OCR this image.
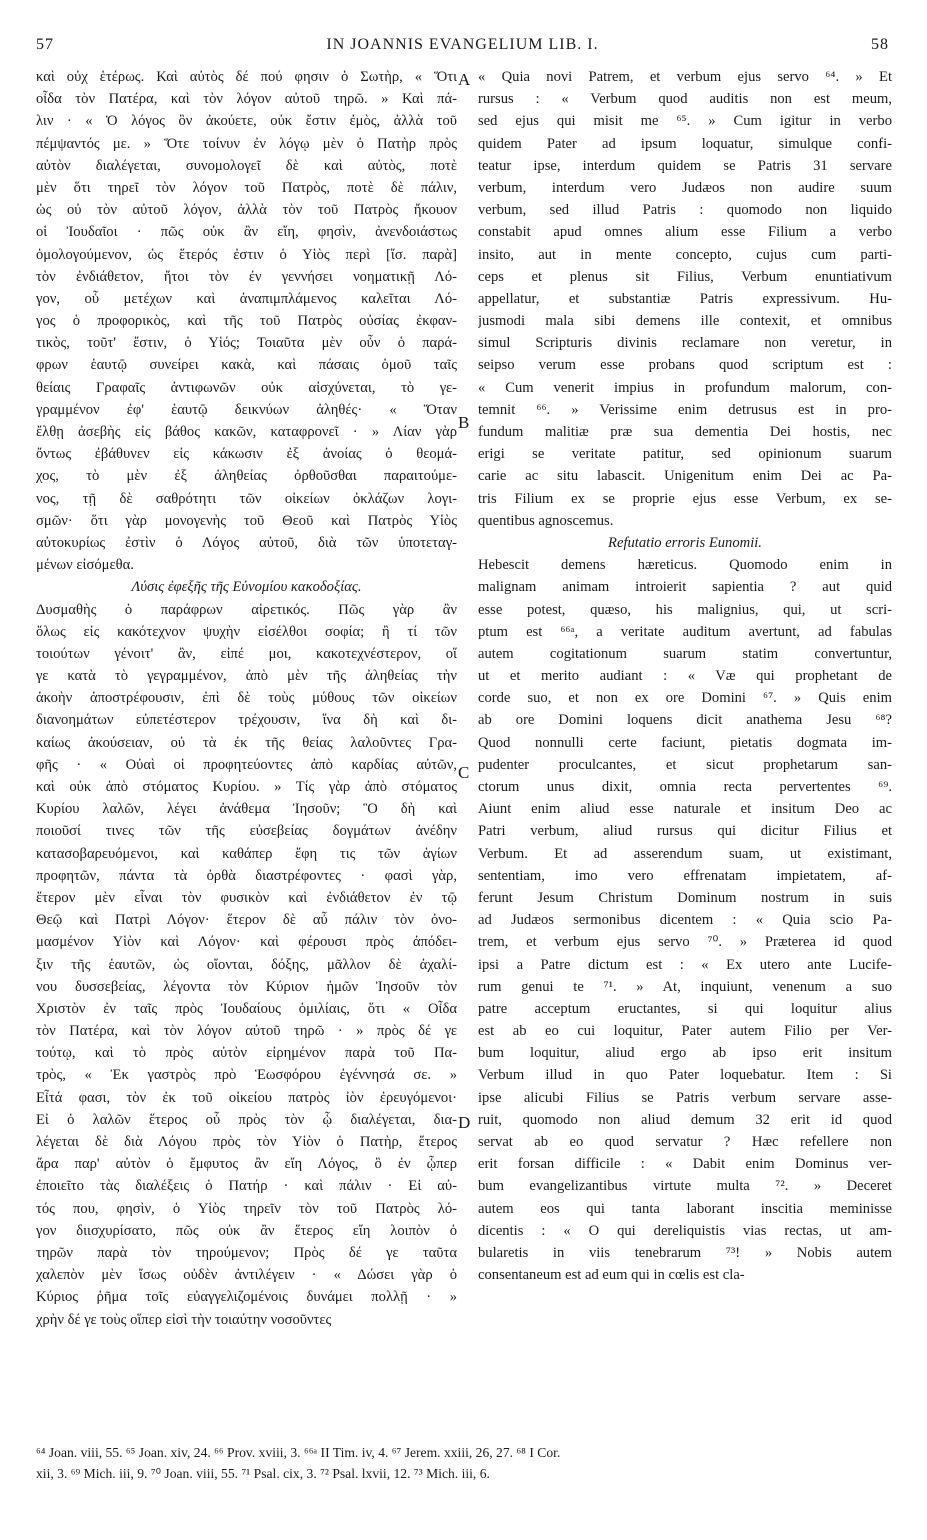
57	IN JOANNIS EVANGELIUM LIB. I.	58
καὶ οὐχ ἑτέρως. Καὶ αὐτὸς δέ πού φησιν ὁ Σωτὴρ, « Ὅτι
οἶδα τὸν Πατέρα, καὶ τὸν λόγον αὐτοῦ τηρῶ. » Καὶ πά-
λιν · « Ὁ λόγος ὃν ἀκούετε, οὐκ ἔστιν ἐμὸς, ἀλλὰ τοῦ
πέμψαντός με. » Ὅτε τοίνυν ἐν λόγῳ μὲν ὁ Πατὴρ πρὸς
αὐτὸν διαλέγεται, συνομολογεῖ δὲ καὶ αὐτὸς, ποτὲ
μὲν ὅτι τηρεῖ τὸν λόγον τοῦ Πατρὸς, ποτὲ δὲ πάλιν,
ὡς οὐ τὸν αὐτοῦ λόγον, ἀλλὰ τὸν τοῦ Πατρὸς ἤκουον
οἱ Ἰουδαῖοι · πῶς οὐκ ἂν εἴη, φησὶν, ἀνενδοιάστως
ὁμολογούμενον, ὡς ἕτερός ἐστιν ὁ Υἱὸς περὶ [ἴσ. παρὰ]
τὸν ἐνδιάθετον, ἤτοι τὸν ἐν γεννήσει νοηματικῇ Λό-
γον, οὗ μετέχων καὶ ἀναπιμπλάμενος καλεῖται Λό-
γος ὁ προφορικὸς, καὶ τῆς τοῦ Πατρὸς οὐσίας ἐκφαν-
τικὸς, τοῦτ' ἔστιν, ὁ Υἱός; Τοιαῦτα μὲν οὖν ὁ παρά-
φρων ἑαυτῷ συνείρει κακὰ, καὶ πάσαις ὁμοῦ ταῖς
θείαις Γραφαῖς ἀντιφωνῶν οὐκ αἰσχύνεται, τὸ γε-
γραμμένον ἐφ' ἑαυτῷ δεικνύων ἀληθές· « Ὅταν
ἔλθῃ ἀσεβὴς εἰς βάθος κακῶν, καταφρονεῖ · » Λίαν γὰρ
ὄντως ἐβάθυνεν εἰς κάκωσιν ἐξ ἀνοίας ὁ θεομά-
χος, τὸ μὲν ἐξ ἀληθείας ὀρθοῦσθαι παραιτούμε-
νος, τῇ δὲ σαθρότητι τῶν οἰκείων ὀκλάζων λογι-
σμῶν· ὅτι γὰρ μονογενὴς τοῦ Θεοῦ καὶ Πατρὸς Υἱὸς
αὐτοκυρίως ἐστὶν ὁ Λόγος αὐτοῦ, διὰ τῶν ὑποτεταγ-
μένων εἰσόμεθα.
Λύσις ἐφεξῆς τῆς Εὐνομίου κακοδοξίας.
Δυσμαθὴς ὁ παράφρων αἱρετικός. Πῶς γὰρ ἂν
ὅλως εἰς κακότεχνον ψυχὴν εἰσέλθοι σοφία; ἢ τί τῶν
τοιούτων γένοιτ' ἂν, εἰπέ μοι, κακοτεχνέστερον, οἵ
γε κατὰ τὸ γεγραμμένον, ἀπὸ μὲν τῆς ἀληθείας τὴν
ἀκοὴν ἀποστρέφουσιν, ἐπὶ δὲ τοὺς μύθους τῶν οἰκείων
διανοημάτων εὐπετέστερον τρέχουσιν, ἵνα δὴ καὶ δι-
καίως ἀκούσειαν, οὐ τὰ ἐκ τῆς θείας λαλοῦντες Γρα-
φῆς · « Οὐαὶ οἱ προφητεύοντες ἀπὸ καρδίας αὐτῶν,
καὶ οὐκ ἀπὸ στόματος Κυρίου. » Τίς γὰρ ἀπὸ στόματος
Κυρίου λαλῶν, λέγει ἀνάθεμα Ἰησοῦν; Ὃ δὴ καὶ
ποιοῦσί τινες τῶν τῆς εὐσεβείας δογμάτων ἀνέδην
κατασοβαρευόμενοι, καὶ καθάπερ ἔφη τις τῶν ἁγίων
προφητῶν, πάντα τὰ ὀρθὰ διαστρέφοντες · φασὶ γὰρ,
ἕτερον μὲν εἶναι τὸν φυσικὸν καὶ ἐνδιάθετον ἐν τῷ
Θεῷ καὶ Πατρὶ Λόγον· ἕτερον δὲ αὖ πάλιν τὸν ὀνο-
μασμένον Υἱὸν καὶ Λόγον· καὶ φέρουσι πρὸς ἀπόδει-
ξιν τῆς ἑαυτῶν, ὡς οἴονται, δόξης, μᾶλλον δὲ ἀχαλί-
νου δυσσεβείας, λέγοντα τὸν Κύριον ἡμῶν Ἰησοῦν τὸν
Χριστὸν ἐν ταῖς πρὸς Ἰουδαίους ὁμιλίαις, ὅτι « Οἶδα
τὸν Πατέρα, καὶ τὸν λόγον αὐτοῦ τηρῶ · » πρὸς δέ γε
τούτῳ, καὶ τὸ πρὸς αὐτὸν εἰρημένον παρὰ τοῦ Πα-
τρὸς, « Ἐκ γαστρὸς πρὸ Ἑωσφόρου ἐγέννησά σε. »
Εἶτά φασι, τὸν ἐκ τοῦ οἰκείου πατρὸς ἰὸν ἐρευγόμενοι·
Εἰ ὁ λαλῶν ἕτερος οὗ πρὸς τὸν ᾧ διαλέγεται, δια-
λέγεται δὲ διὰ Λόγου πρὸς τὸν Υἱὸν ὁ Πατὴρ, ἕτερος
ἄρα παρ' αὐτὸν ὁ ἔμφυτος ἂν εἴη Λόγος, ὃ ἐν ᾧπερ
ἐποιεῖτο τὰς διαλέξεις ὁ Πατήρ · καὶ πάλιν · Εἰ αὐ-
τός που, φησὶν, ὁ Υἱὸς τηρεῖν τὸν τοῦ Πατρὸς λό-
γον διισχυρίσατο, πῶς οὐκ ἂν ἕτερος εἴη λοιπὸν ὁ
τηρῶν παρὰ τὸν τηρούμενον; Πρὸς δέ γε ταῦτα
χαλεπὸν μὲν ἴσως οὐδὲν ἀντιλέγειν · « Δώσει γὰρ ὁ
Κύριος ῥῆμα τοῖς εὐαγγελιζομένοις δυνάμει πολλῇ · »
χρὴν δέ γε τοὺς οἵπερ εἰσὶ τὴν τοιαύτην νοσοῦντες
« Quia novi Patrem, et verbum ejus servo ⁶⁴. » Et
rursus : « Verbum quod auditis non est meum,
sed ejus qui misit me ⁶⁵. » Cum igitur in verbo
quidem Pater ad ipsum loquatur, simulque confi-
teatur ipse, interdum quidem se Patris 31 servare
verbum, interdum vero Judæos non audire suum
verbum, sed illud Patris : quomodo non liquido
constabit apud omnes alium esse Filium a verbo
insito, aut in mente concepto, cujus cum parti-
ceps et plenus sit Filius, Verbum enuntiativum
appellatur, et substantiæ Patris expressivum. Hu-
jusmodi mala sibi demens ille contexit, et omnibus
simul Scripturis divinis reclamare non veretur, in
seipso verum esse probans quod scriptum est :
« Cum venerit impius in profundum malorum, con-
temnit ⁶⁶. » Verissime enim detrusus est in pro-
fundum malitiæ præ sua dementia Dei hostis, nec
erigi se veritate patitur, sed opinionum suarum
carie ac situ labascit. Unigenitum enim Dei ac Pa-
tris Filium ex se proprie ejus esse Verbum, ex se-
quentibus agnoscemus.
Refutatio erroris Eunomii.
Hebescit demens hæreticus. Quomodo enim in
malignam animam introierit sapientia ? aut quid
esse potest, quæso, his malignius, qui, ut scri-
ptum est ⁶⁶ᵃ, a veritate auditum avertunt, ad fabulas
autem cogitationum suarum statim convertuntur,
ut et merito audiant : « Væ qui prophetant de
corde suo, et non ex ore Domini ⁶⁷. » Quis enim
ab ore Domini loquens dicit anathema Jesu ⁶⁸?
Quod nonnulli certe faciunt, pietatis dogmata im-
pudenter proculcantes, et sicut prophetarum san-
ctorum unus dixit, omnia recta pervertentes ⁶⁹.
Aiunt enim aliud esse naturale et insitum Deo ac
Patri verbum, aliud rursus qui dicitur Filius et
Verbum. Et ad asserendum suam, ut existimant,
sententiam, imo vero effrenatam impietatem, af-
ferunt Jesum Christum Dominum nostrum in suis
ad Judæos sermonibus dicentem : « Quia scio Pa-
trem, et verbum ejus servo ⁷⁰. » Præterea id quod
ipsi a Patre dictum est : « Ex utero ante Lucife-
rum genui te ⁷¹. » At, inquiunt, venenum a suo
patre acceptum eructantes, si qui loquitur alius
est ab eo cui loquitur, Pater autem Filio per Ver-
bum loquitur, aliud ergo ab ipso erit insitum
Verbum illud in quo Pater loquebatur. Item : Si
ipse alicubi Filius se Patris verbum servare asse-
ruit, quomodo non aliud demum 32 erit id quod
servat ab eo quod servatur ? Hæc refellere non
erit forsan difficile : « Dabit enim Dominus ver-
bum evangelizantibus virtute multa ⁷². » Deceret
autem eos qui tanta laborant inscitia meminisse
dicentis : « O qui dereliquistis vias rectas, ut am-
bularetis in viis tenebrarum ⁷³! » Nobis autem
consentaneum est ad eum qui in cœlis est cla-
A
B
C
D
⁶⁴ Joan. viii, 55. ⁶⁵ Joan. xiv, 24. ⁶⁶ Prov. xviii, 3. ⁶⁶ᵃ II Tim. iv, 4. ⁶⁷ Jerem. xxiii, 26, 27. ⁶⁸ I Cor.
xii, 3. ⁶⁹ Mich. iii, 9. ⁷⁰ Joan. viii, 55. ⁷¹ Psal. cix, 3. ⁷² Psal. lxvii, 12. ⁷³ Mich. iii, 6.
